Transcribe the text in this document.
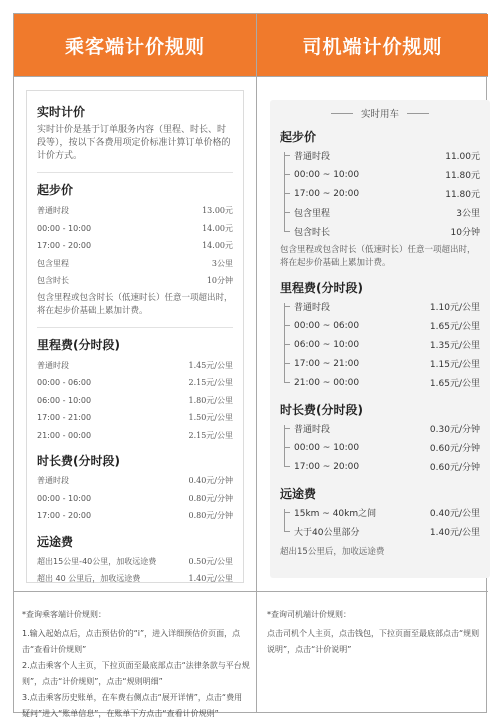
乘客端计价规则	司机端计价规则
实时计价
实时计价是基于订单服务内容（里程、时长、时段等），按以下各费用项定价标准计算订单价格的计价方式。
起步价
普通时段	13.00元
00:00 - 10:00	14.00元
17:00 - 20:00	14.00元
包含里程	3公里
包含时长	10分钟
包含里程或包含时长（低速时长）任意一项超出时，将在起步价基础上累加计费。
里程费(分时段)
普通时段	1.45元/公里
00:00 - 06:00	2.15元/公里
06:00 - 10:00	1.80元/公里
17:00 - 21:00	1.50元/公里
21:00 - 00:00	2.15元/公里
时长费(分时段)
普通时段	0.40元/分钟
00:00 - 10:00	0.80元/分钟
17:00 - 20:00	0.80元/分钟
远途费
超出15公里-40公里，加收远途费	0.50元/公里
超出 40 公里后，加收远途费	1.40元/公里
实时用车
起步价
普通时段	11.00元
00:00 ~ 10:00	11.80元
17:00 ~ 20:00	11.80元
包含里程	3公里
包含时长	10分钟
包含里程或包含时长（低速时长）任意一项超出时，将在起步价基础上累加计费。
里程费(分时段)
普通时段	1.10元/公里
00:00 ~ 06:00	1.65元/公里
06:00 ~ 10:00	1.35元/公里
17:00 ~ 21:00	1.15元/公里
21:00 ~ 00:00	1.65元/公里
时长费(分时段)
普通时段	0.30元/分钟
00:00 ~ 10:00	0.60元/分钟
17:00 ~ 20:00	0.60元/分钟
远途费
15km ~ 40km之间	0.40元/公里
大于40公里部分	1.40元/公里
超出15公里后，加收远途费

*查询乘客端计价规则：

1.输入起始点后，点击预估价的“i”，进入详细预估价页面，点击“查看计价规则”

2.点击乘客个人主页，下拉页面至最底部点击“法律条款与平台规则”，点击“计价规则”，点击“规则明细”

3.点击乘客历史账单，在车费右侧点击“展开详情”，点击“费用疑问”进入“账单信息”，在账单下方点击“查看计价规则”

*查询司机端计价规则：

点击司机个人主页，点击钱包，下拉页面至最底部点击“规则说明”，点击“计价说明”
